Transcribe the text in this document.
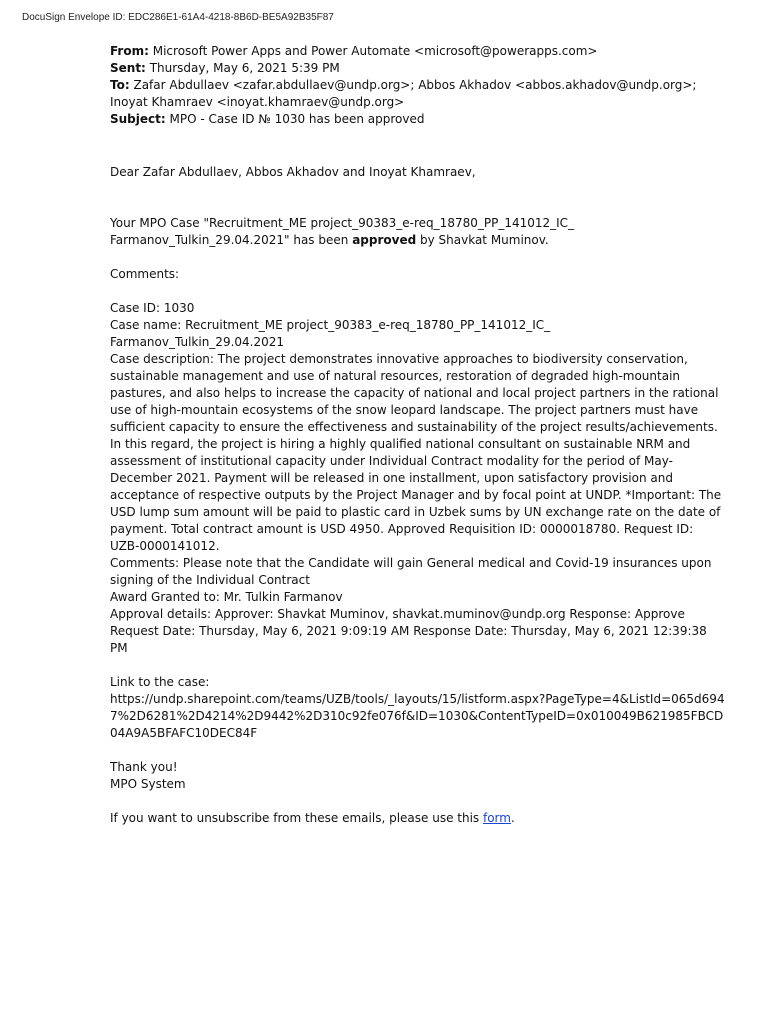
DocuSign Envelope ID: EDC286E1-61A4-4218-8B6D-BE5A92B35F87

From: Microsoft Power Apps and Power Automate <microsoft@powerapps.com>

Sent: Thursday, May 6, 2021 5:39 PM

To: Zafar Abdullaev <zafar.abdullaev@undp.org>; Abbos Akhadov <abbos.akhadov@undp.org>; Inoyat Khamraev <inoyat.khamraev@undp.org>

Subject: MPO - Case ID № 1030 has been approved

Dear Zafar Abdullaev, Abbos Akhadov and Inoyat Khamraev,

Your MPO Case "Recruitment_ME project_90383_e-req_18780_PP_141012_IC_ Farmanov_Tulkin_29.04.2021" has been approved by Shavkat Muminov.

Comments:

Case ID: 1030

Case name: Recruitment_ME project_90383_e-req_18780_PP_141012_IC_ Farmanov_Tulkin_29.04.2021

Case description: The project demonstrates innovative approaches to biodiversity conservation, sustainable management and use of natural resources, restoration of degraded high-mountain pastures, and also helps to increase the capacity of national and local project partners in the rational use of high-mountain ecosystems of the snow leopard landscape. The project partners must have sufficient capacity to ensure the effectiveness and sustainability of the project results/achievements. In this regard, the project is hiring a highly qualified national consultant on sustainable NRM and assessment of institutional capacity under Individual Contract modality for the period of May-December 2021. Payment will be released in one installment, upon satisfactory provision and acceptance of respective outputs by the Project Manager and by focal point at UNDP. *Important: The USD lump sum amount will be paid to plastic card in Uzbek sums by UN exchange rate on the date of payment. Total contract amount is USD 4950. Approved Requisition ID: 0000018780. Request ID: UZB-0000141012.

Comments: Please note that the Candidate will gain General medical and Covid-19 insurances upon signing of the Individual Contract

Award Granted to: Mr. Tulkin Farmanov

Approval details: Approver: Shavkat Muminov, shavkat.muminov@undp.org Response: Approve Request Date: Thursday, May 6, 2021 9:09:19 AM Response Date: Thursday, May 6, 2021 12:39:38 PM

Link to the case:

https://undp.sharepoint.com/teams/UZB/tools/_layouts/15/listform.aspx?PageType=4&ListId=065d6947%2D6281%2D4214%2D9442%2D310c92fe076f&ID=1030&ContentTypeID=0x010049B621985FBCD04A9A5BFAFC10DEC84F

Thank you!

MPO System

If you want to unsubscribe from these emails, please use this form.
